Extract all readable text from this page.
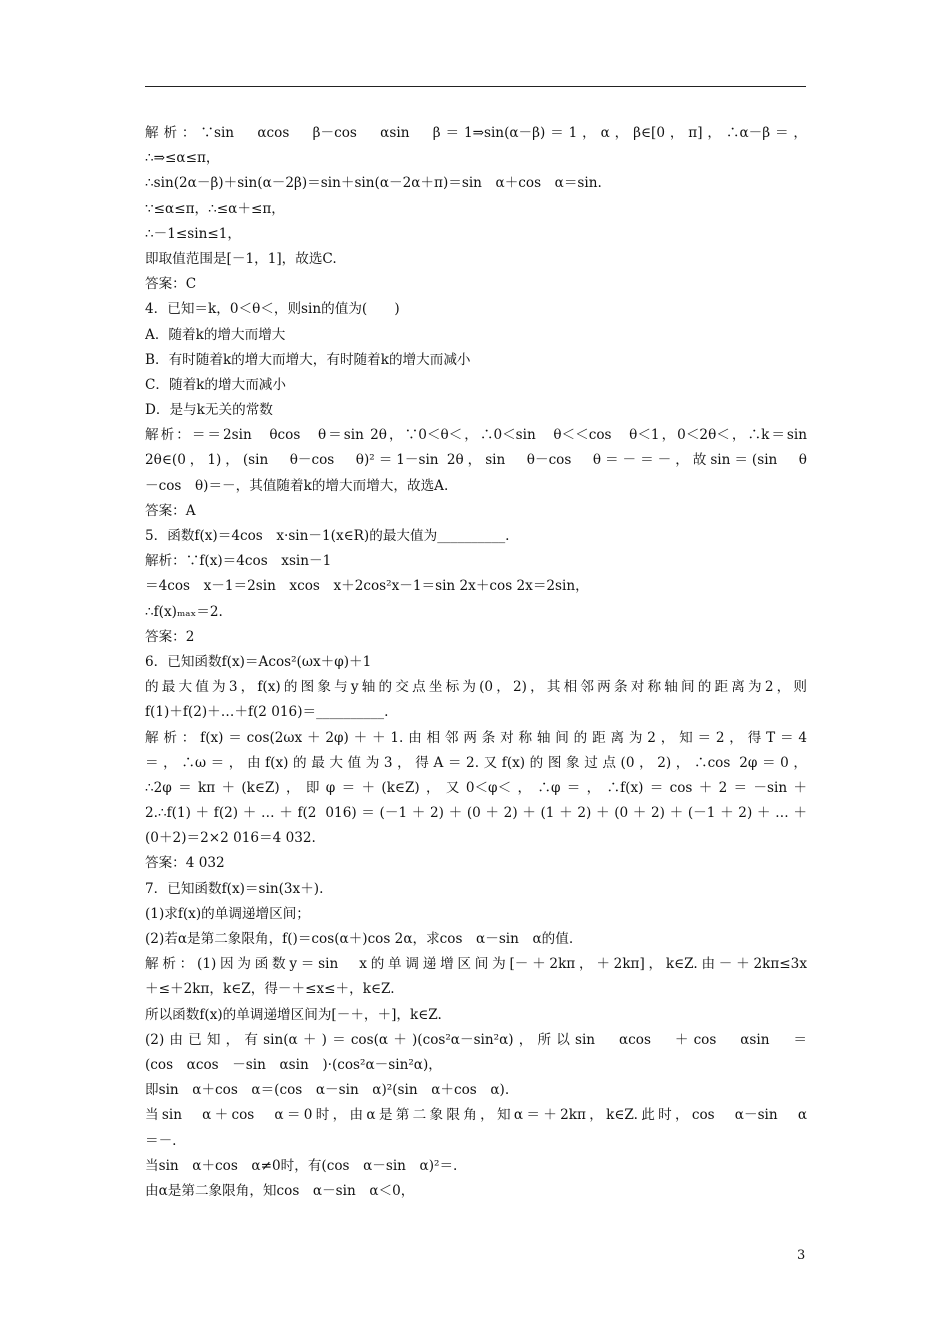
解析：∵sin　αcos　β－cos　αsin　β＝1⇒sin(α－β)＝1，α，β∈[0，π]，∴α－β＝，
∴⇒≤α≤π，
∴sin(2α－β)＋sin(α－2β)＝sin＋sin(α－2α＋π)＝sin　α＋cos　α＝sin.
∵≤α≤π，∴≤α＋≤π，
∴－1≤sin≤1，
即取值范围是[－1，1]，故选C.
答案：C
4．已知＝k，0＜θ＜，则sin的值为(　　)
A．随着k的增大而增大
B．有时随着k的增大而增大，有时随着k的增大而减小
C．随着k的增大而减小
D．是与k无关的常数
解析：＝＝2sin　θcos　θ＝sin 2θ，∵0＜θ＜，∴0＜sin　θ＜＜cos　θ＜1，0＜2θ＜，∴k＝sin
2θ∈(0，1)，(sin　θ－cos　θ)²＝1－sin 2θ，sin　θ－cos　θ＝－＝－，故sin＝(sin　θ
－cos　θ)＝－，其值随着k的增大而增大，故选A.
答案：A
5．函数f(x)＝4cos　x·sin－1(x∈R)的最大值为__________.
解析：∵f(x)＝4cos　xsin－1
＝4cos　x－1＝2sin　xcos　x＋2cos²x－1＝sin 2x＋cos 2x＝2sin，
∴f(x)ₘₐₓ＝2.
答案：2
6．已知函数f(x)＝Acos²(ωx＋φ)＋1
的最大值为3，f(x)的图象与y轴的交点坐标为(0，2)，其相邻两条对称轴间的距离为2，则
f(1)＋f(2)＋…＋f(2 016)＝__________.
解析：f(x)＝cos(2ωx＋2φ)＋＋1.由相邻两条对称轴间的距离为2，知＝2，得T＝4
＝，∴ω＝，由f(x)的最大值为3，得A＝2.又f(x)的图象过点(0，2)，∴cos 2φ＝0，
∴2φ＝kπ＋(k∈Z)，即φ＝＋(k∈Z)，又0＜φ＜，∴φ＝，∴f(x)＝cos＋2＝－sin＋
2.∴f(1)＋f(2)＋…＋f(2 016)＝(－1＋2)＋(0＋2)＋(1＋2)＋(0＋2)＋(－1＋2)＋…＋
(0＋2)＝2×2 016＝4 032.
答案：4 032
7．已知函数f(x)＝sin(3x＋).
(1)求f(x)的单调递增区间；
(2)若α是第二象限角，f()＝cos(α＋)cos 2α，求cos　α－sin　α的值.
解析：(1)因为函数y＝sin　x的单调递增区间为[－＋2kπ，＋2kπ]，k∈Z.由－＋2kπ≤3x
＋≤＋2kπ，k∈Z，得－＋≤x≤＋，k∈Z.
所以函数f(x)的单调递增区间为[－＋，＋]，k∈Z.
(2)由已知，有sin(α＋)＝cos(α＋)(cos²α－sin²α)，所以sin　αcos　＋cos　αsin　＝
(cos　αcos　－sin　αsin　)·(cos²α－sin²α)，
即sin　α＋cos　α＝(cos　α－sin　α)²(sin　α＋cos　α).
当sin　α＋cos　α＝0时，由α是第二象限角，知α＝＋2kπ，k∈Z.此时，cos　α－sin　α
＝－.
当sin　α＋cos　α≠0时，有(cos　α－sin　α)²＝.
由α是第二象限角，知cos　α－sin　α＜0，
3
